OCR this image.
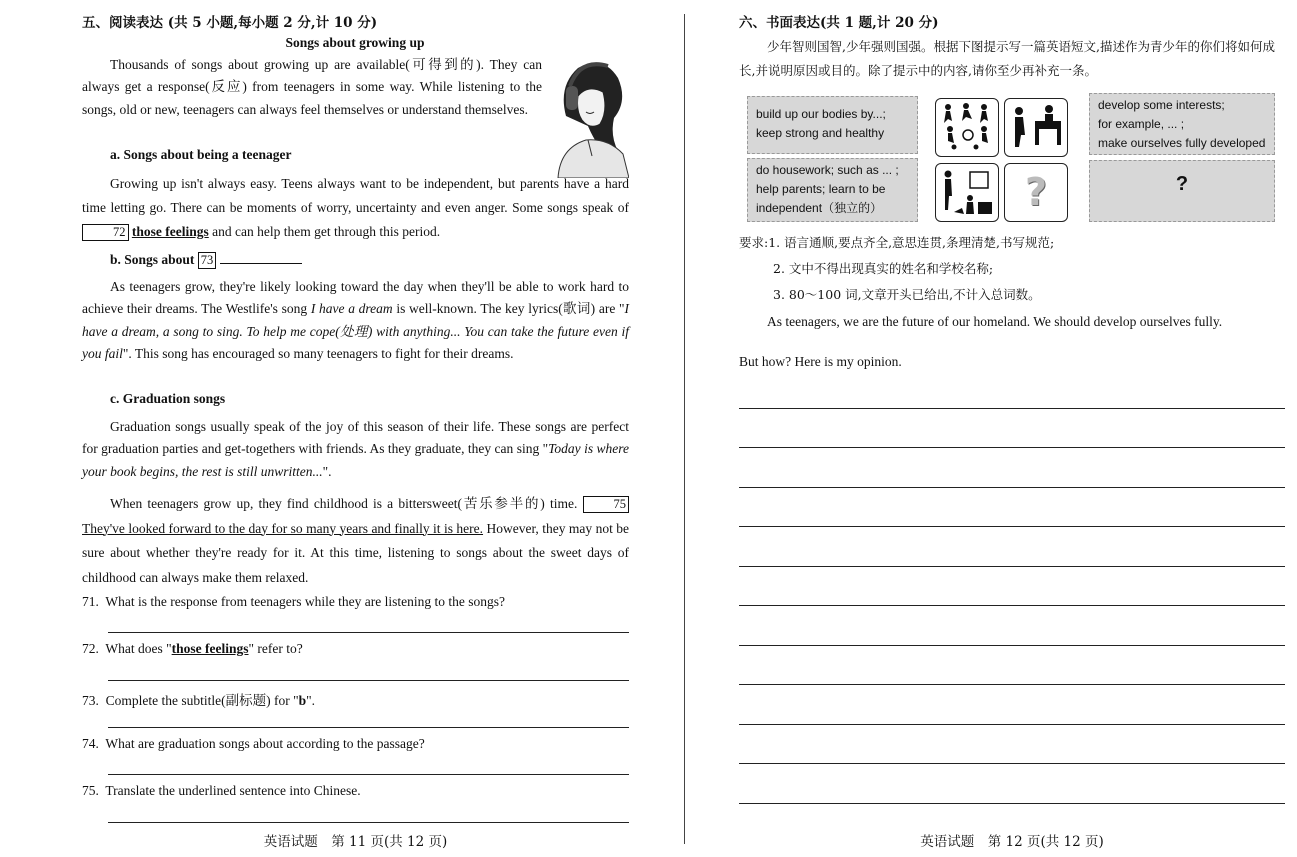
五、阅读表达 (共 5 小题,每小题 2 分,计 10 分)
Songs about growing up
Thousands of songs about growing up are available(可得到的). They can always get a response(反应) from teenagers in some way. While listening to the songs, old or new, teenagers can always feel themselves or understand themselves.
a. Songs about being a teenager
Growing up isn't always easy. Teens always want to be independent, but parents have a hard time letting go. There can be moments of worry, uncertainty and even anger. Some songs speak of 72 those feelings and can help them get through this period.
b. Songs about 73
As teenagers grow, they're likely looking toward the day when they'll be able to work hard to achieve their dreams. The Westlife's song I have a dream is well-known. The key lyrics(歌词) are "I have a dream, a song to sing. To help me cope(处理) with anything... You can take the future even if you fail". This song has encouraged so many teenagers to fight for their dreams.
c. Graduation songs
Graduation songs usually speak of the joy of this season of their life. These songs are perfect for graduation parties and get-togethers with friends. As they graduate, they can sing "Today is where your book begins, the rest is still unwritten...".
When teenagers grow up, they find childhood is a bittersweet(苦乐参半的) time.	75 They've looked forward to the day for so many years and finally it is here. However, they may not be sure about whether they're ready for it. At this time, listening to songs about the sweet days of childhood can always make them relaxed.
71. What is the response from teenagers while they are listening to the songs?
72. What does "those feelings" refer to?
73. Complete the subtitle(副标题) for "b".
74. What are graduation songs about according to the passage?
75. Translate the underlined sentence into Chinese.
英语试题　第 11 页(共 12 页)
六、书面表达(共 1 题,计 20 分)
少年智则国智,少年强则国强。根据下图提示写一篇英语短文,描述作为青少年的你们将如何成长,并说明原因或目的。除了提示中的内容,请你至少再补充一条。
build up our bodies by...;
keep strong and healthy
develop some interests;
for example, ... ;
make ourselves fully developed
do housework; such as ... ;
help parents; learn to be
independent（独立的）
?
?
要求:1. 语言通顺,要点齐全,意思连贯,条理清楚,书写规范;
2. 文中不得出现真实的姓名和学校名称;
3. 80～100 词,文章开头已给出,不计入总词数。
As teenagers, we are the future of our homeland. We should develop ourselves fully.
But how? Here is my opinion.
英语试题　第 12 页(共 12 页)
